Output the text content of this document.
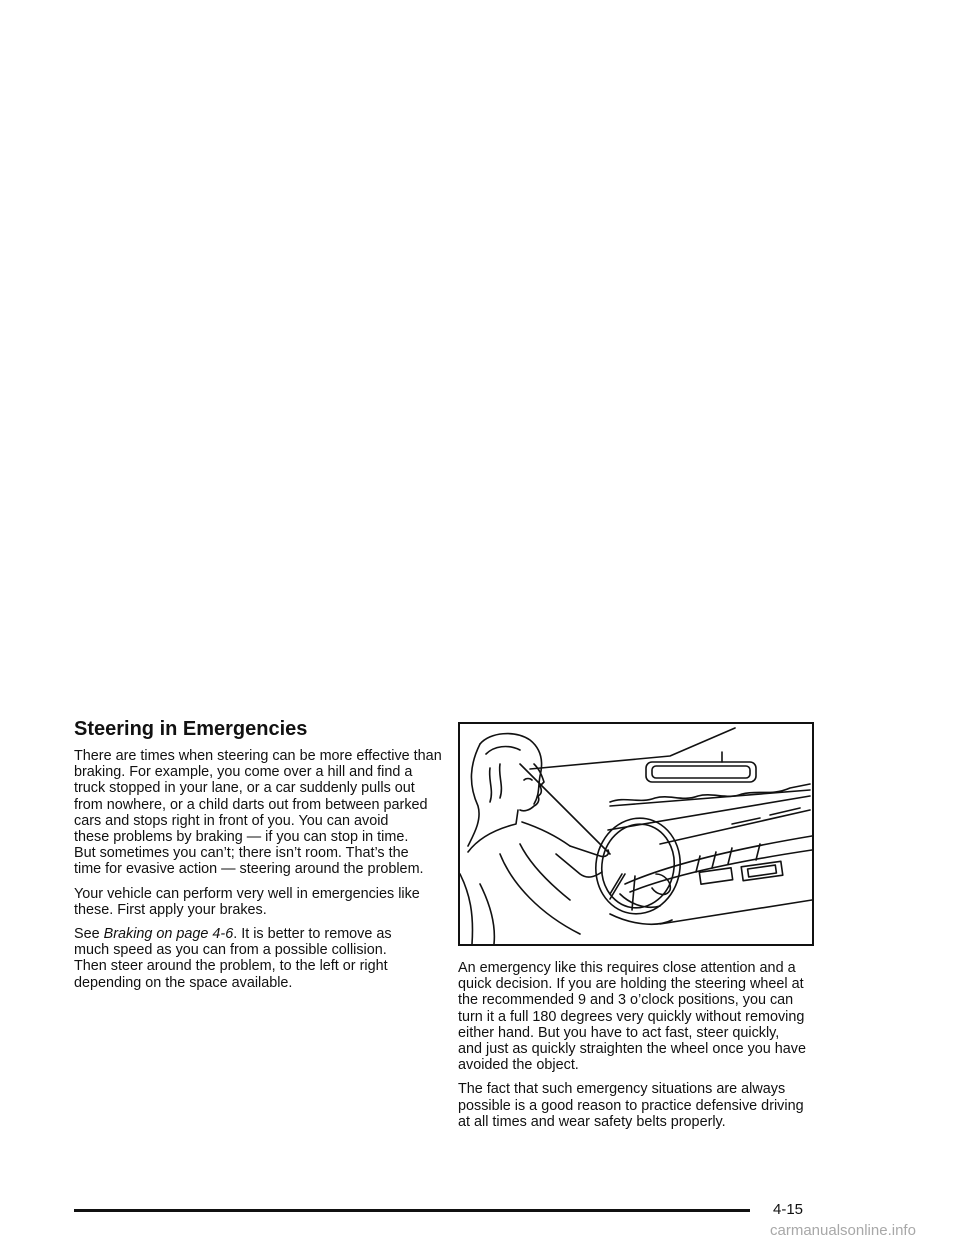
Steering in Emergencies

There are times when steering can be more effective than
braking. For example, you come over a hill and find a
truck stopped in your lane, or a car suddenly pulls out
from nowhere, or a child darts out from between parked
cars and stops right in front of you. You can avoid
these problems by braking — if you can stop in time.
But sometimes you can’t; there isn’t room. That’s the
time for evasive action — steering around the problem.

Your vehicle can perform very well in emergencies like
these. First apply your brakes.

See Braking on page 4-6. It is better to remove as
much speed as you can from a possible collision.
Then steer around the problem, to the left or right
depending on the space available.

An emergency like this requires close attention and a
quick decision. If you are holding the steering wheel at
the recommended 9 and 3 o’clock positions, you can
turn it a full 180 degrees very quickly without removing
either hand. But you have to act fast, steer quickly,
and just as quickly straighten the wheel once you have
avoided the object.

The fact that such emergency situations are always
possible is a good reason to practice defensive driving
at all times and wear safety belts properly.

4-15
carmanualsonline.info
